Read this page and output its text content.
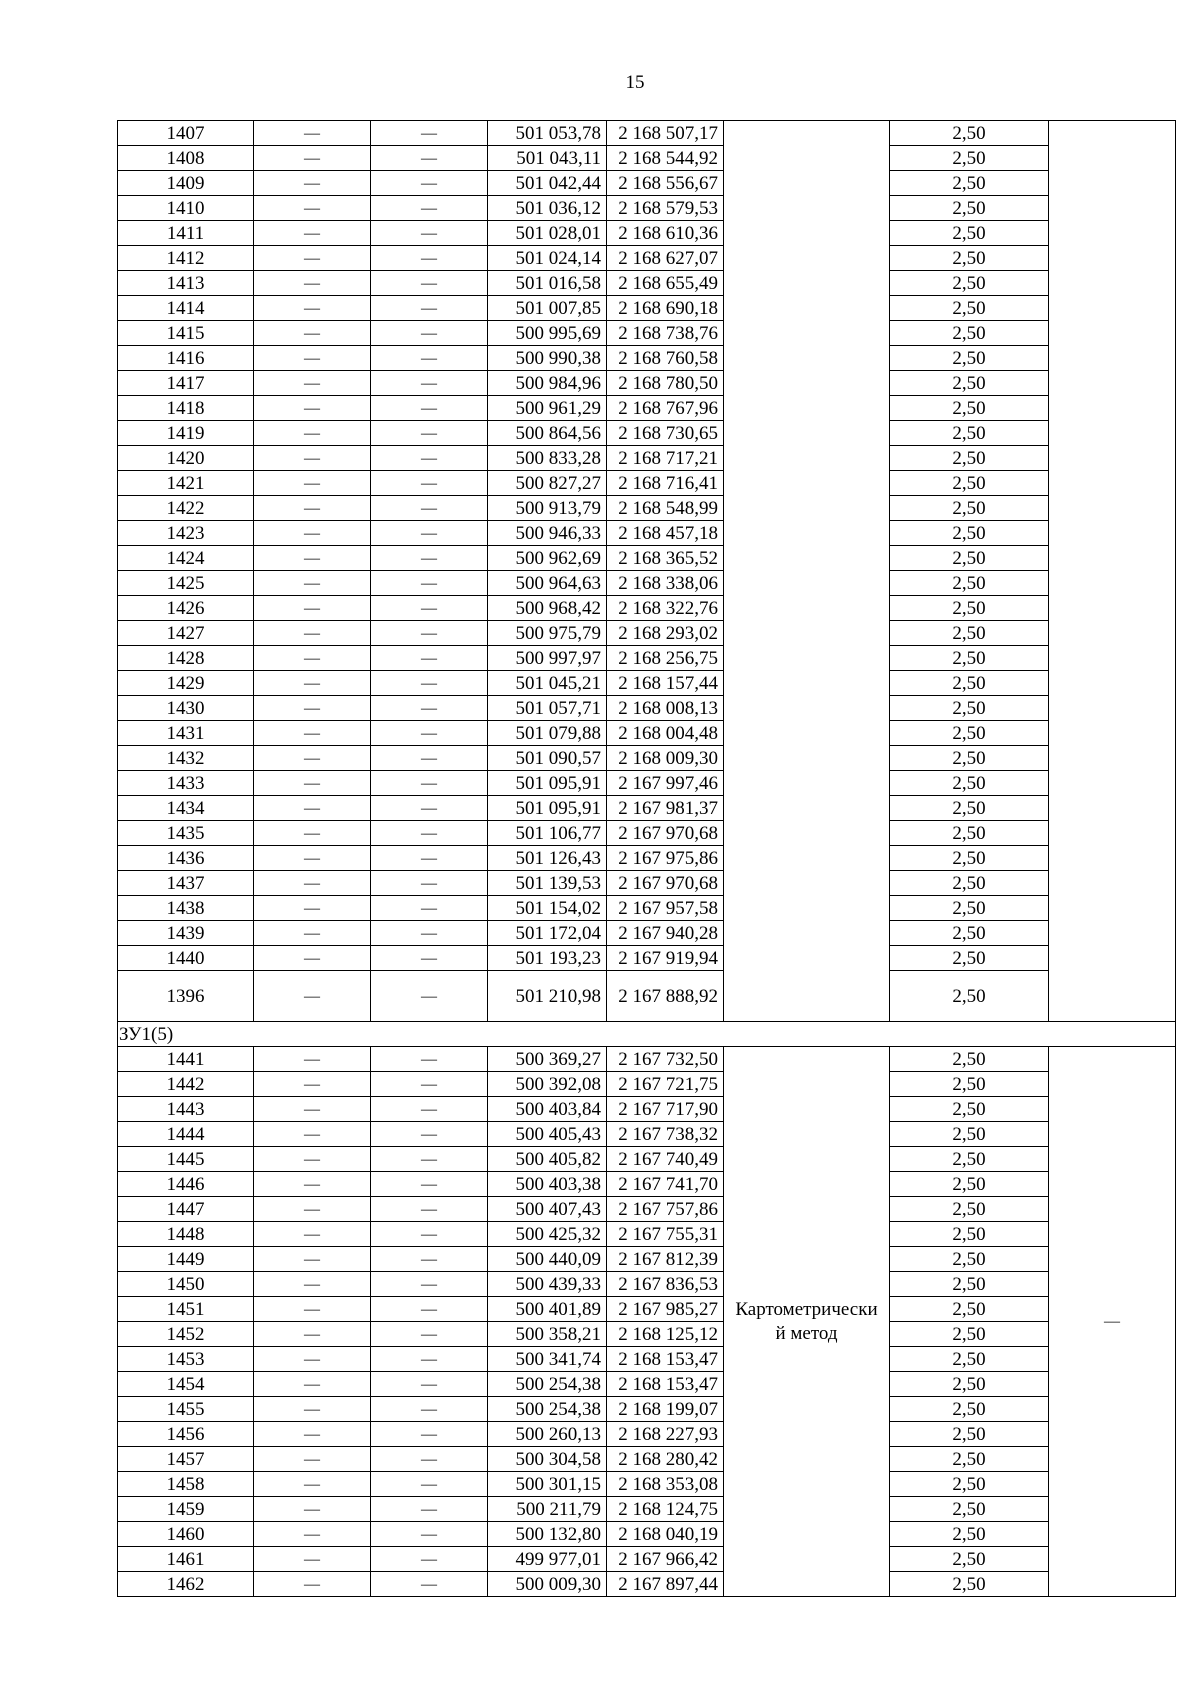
15
1407	—	—	501 053,78	2 168 507,17		2,50	
1408	—	—	501 043,11	2 168 544,92		2,50	
1409	—	—	501 042,44	2 168 556,67		2,50	
1410	—	—	501 036,12	2 168 579,53		2,50	
1411	—	—	501 028,01	2 168 610,36		2,50	
1412	—	—	501 024,14	2 168 627,07		2,50	
1413	—	—	501 016,58	2 168 655,49		2,50	
1414	—	—	501 007,85	2 168 690,18		2,50	
1415	—	—	500 995,69	2 168 738,76		2,50	
1416	—	—	500 990,38	2 168 760,58		2,50	
1417	—	—	500 984,96	2 168 780,50		2,50	
1418	—	—	500 961,29	2 168 767,96		2,50	
1419	—	—	500 864,56	2 168 730,65		2,50	
1420	—	—	500 833,28	2 168 717,21		2,50	
1421	—	—	500 827,27	2 168 716,41		2,50	
1422	—	—	500 913,79	2 168 548,99		2,50	
1423	—	—	500 946,33	2 168 457,18		2,50	
1424	—	—	500 962,69	2 168 365,52		2,50	
1425	—	—	500 964,63	2 168 338,06		2,50	
1426	—	—	500 968,42	2 168 322,76		2,50	
1427	—	—	500 975,79	2 168 293,02		2,50	
1428	—	—	500 997,97	2 168 256,75		2,50	
1429	—	—	501 045,21	2 168 157,44		2,50	
1430	—	—	501 057,71	2 168 008,13		2,50	
1431	—	—	501 079,88	2 168 004,48		2,50	
1432	—	—	501 090,57	2 168 009,30		2,50	
1433	—	—	501 095,91	2 167 997,46		2,50	
1434	—	—	501 095,91	2 167 981,37		2,50	
1435	—	—	501 106,77	2 167 970,68		2,50	
1436	—	—	501 126,43	2 167 975,86		2,50	
1437	—	—	501 139,53	2 167 970,68		2,50	
1438	—	—	501 154,02	2 167 957,58		2,50	
1439	—	—	501 172,04	2 167 940,28		2,50	
1440	—	—	501 193,23	2 167 919,94		2,50	
1396	—	—	501 210,98	2 167 888,92		2,50	
ЗУ1(5)							
1441	—	—	500 369,27	2 167 732,50	Картометрически й метод	2,50	—
1442	—	—	500 392,08	2 167 721,75		2,50	
1443	—	—	500 403,84	2 167 717,90		2,50	
1444	—	—	500 405,43	2 167 738,32		2,50	
1445	—	—	500 405,82	2 167 740,49		2,50	
1446	—	—	500 403,38	2 167 741,70		2,50	
1447	—	—	500 407,43	2 167 757,86		2,50	
1448	—	—	500 425,32	2 167 755,31		2,50	
1449	—	—	500 440,09	2 167 812,39		2,50	
1450	—	—	500 439,33	2 167 836,53		2,50	
1451	—	—	500 401,89	2 167 985,27		2,50	
1452	—	—	500 358,21	2 168 125,12		2,50	
1453	—	—	500 341,74	2 168 153,47		2,50	
1454	—	—	500 254,38	2 168 153,47		2,50	
1455	—	—	500 254,38	2 168 199,07		2,50	
1456	—	—	500 260,13	2 168 227,93		2,50	
1457	—	—	500 304,58	2 168 280,42		2,50	
1458	—	—	500 301,15	2 168 353,08		2,50	
1459	—	—	500 211,79	2 168 124,75		2,50	
1460	—	—	500 132,80	2 168 040,19		2,50	
1461	—	—	499 977,01	2 167 966,42		2,50	
1462	—	—	500 009,30	2 167 897,44		2,50	
